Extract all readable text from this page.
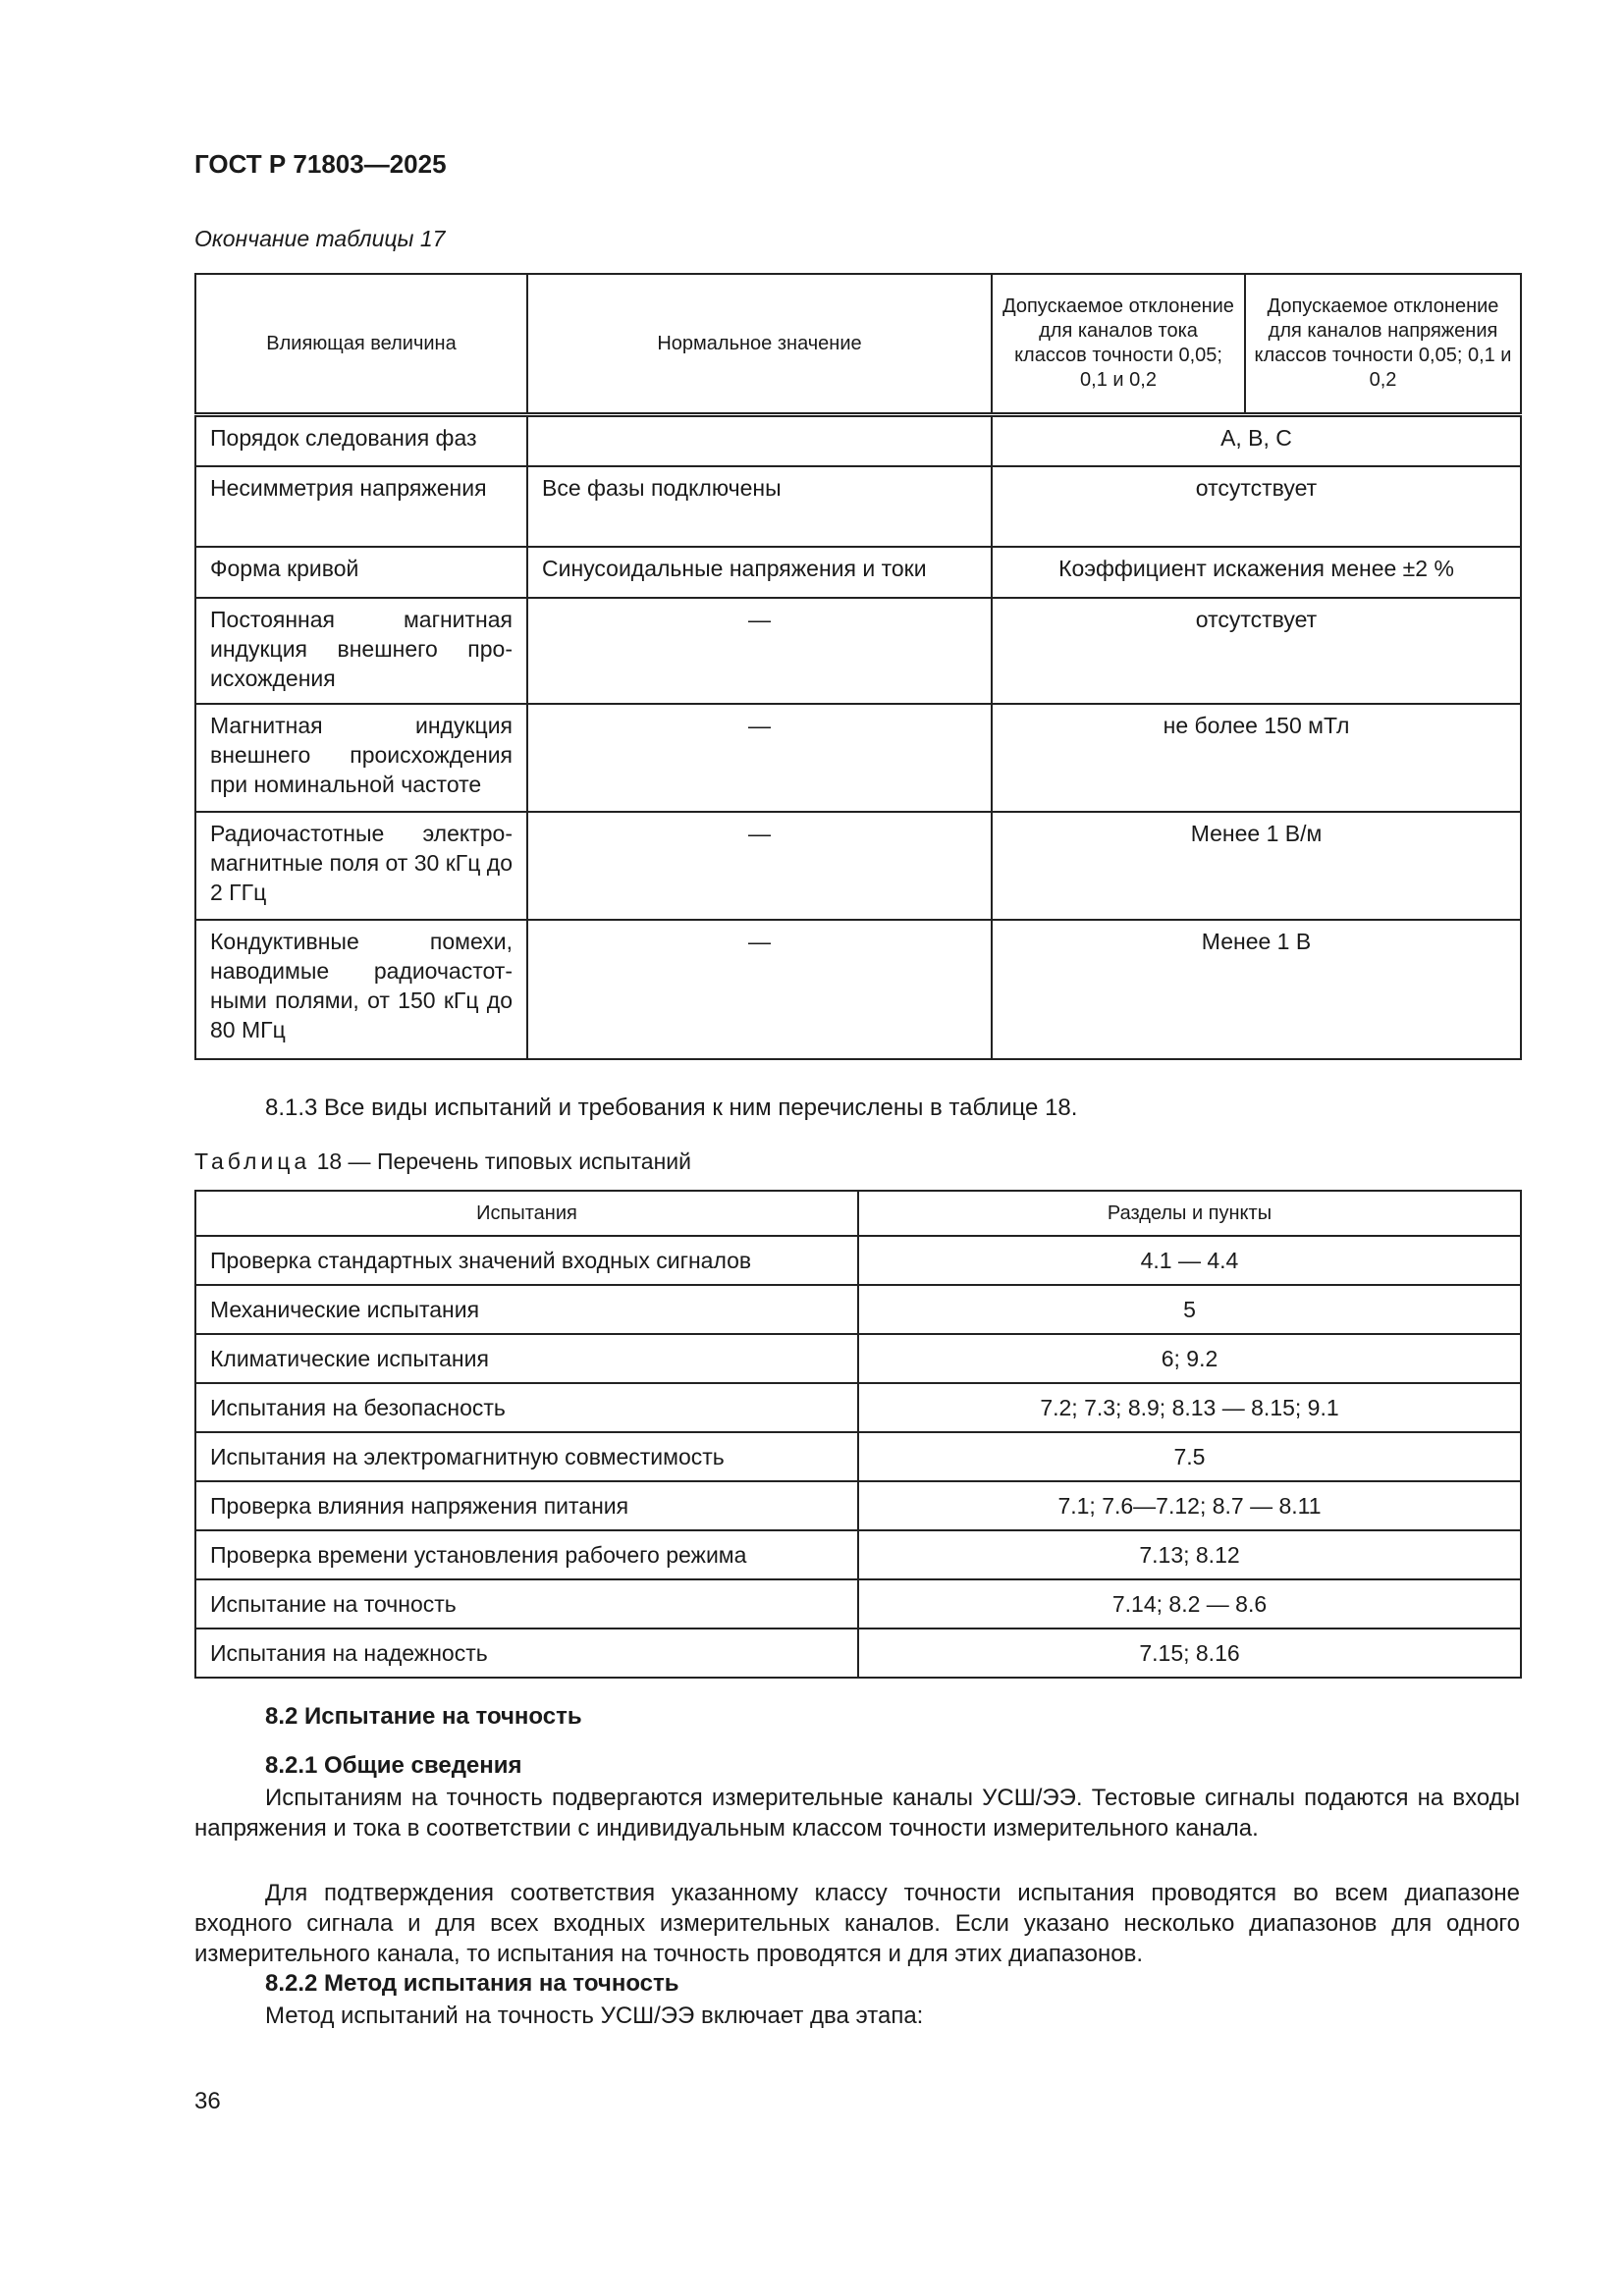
ГОСТ Р 71803—2025
Окончание таблицы 17
Влияющая величина	Нормальное значение	Допускаемое отклонение для каналов тока классов точности 0,05; 0,1 и 0,2	Допускаемое отклонение для каналов напряжения классов точности 0,05; 0,1 и 0,2
Порядок следования фаз		A, B, C	
Несимметрия напряжения	Все фазы подключены	отсутствует	
Форма кривой	Синусоидальные напряжения и токи	Коэффициент искажения менее ±2 %	
Постоянная магнитная индукция внешнего происхождения	—	отсутствует	
Магнитная индукция внешнего происхождения при номинальной частоте	—	не более 150 мТл	
Радиочастотные электромагнитные поля от 30 кГц до 2 ГГц	—	Менее 1 В/м	
Кондуктивные помехи, наводимые радиочастотными полями, от 150 кГц до 80 МГц	—	Менее 1 В	
8.1.3 Все виды испытаний и требования к ним перечислены в таблице 18.
Таблица 18 — Перечень типовых испытаний
Испытания	Разделы и пункты
Проверка стандартных значений входных сигналов	4.1 — 4.4
Механические испытания	5
Климатические испытания	6; 9.2
Испытания на безопасность	7.2; 7.3; 8.9; 8.13 — 8.15; 9.1
Испытания на электромагнитную совместимость	7.5
Проверка влияния напряжения питания	7.1; 7.6—7.12; 8.7 — 8.11
Проверка времени установления рабочего режима	7.13; 8.12
Испытание на точность	7.14; 8.2 — 8.6
Испытания на надежность	7.15; 8.16
8.2 Испытание на точность
8.2.1 Общие сведения
Испытаниям на точность подвергаются измерительные каналы УСШ/ЭЭ. Тестовые сигналы подаются на входы напряжения и тока в соответствии с индивидуальным классом точности измерительного канала.
Для подтверждения соответствия указанному классу точности испытания проводятся во всем диапазоне входного сигнала и для всех входных измерительных каналов. Если указано несколько диапазонов для одного измерительного канала, то испытания на точность проводятся и для этих диапазонов.
8.2.2 Метод испытания на точность
Метод испытаний на точность УСШ/ЭЭ включает два этапа:
36
